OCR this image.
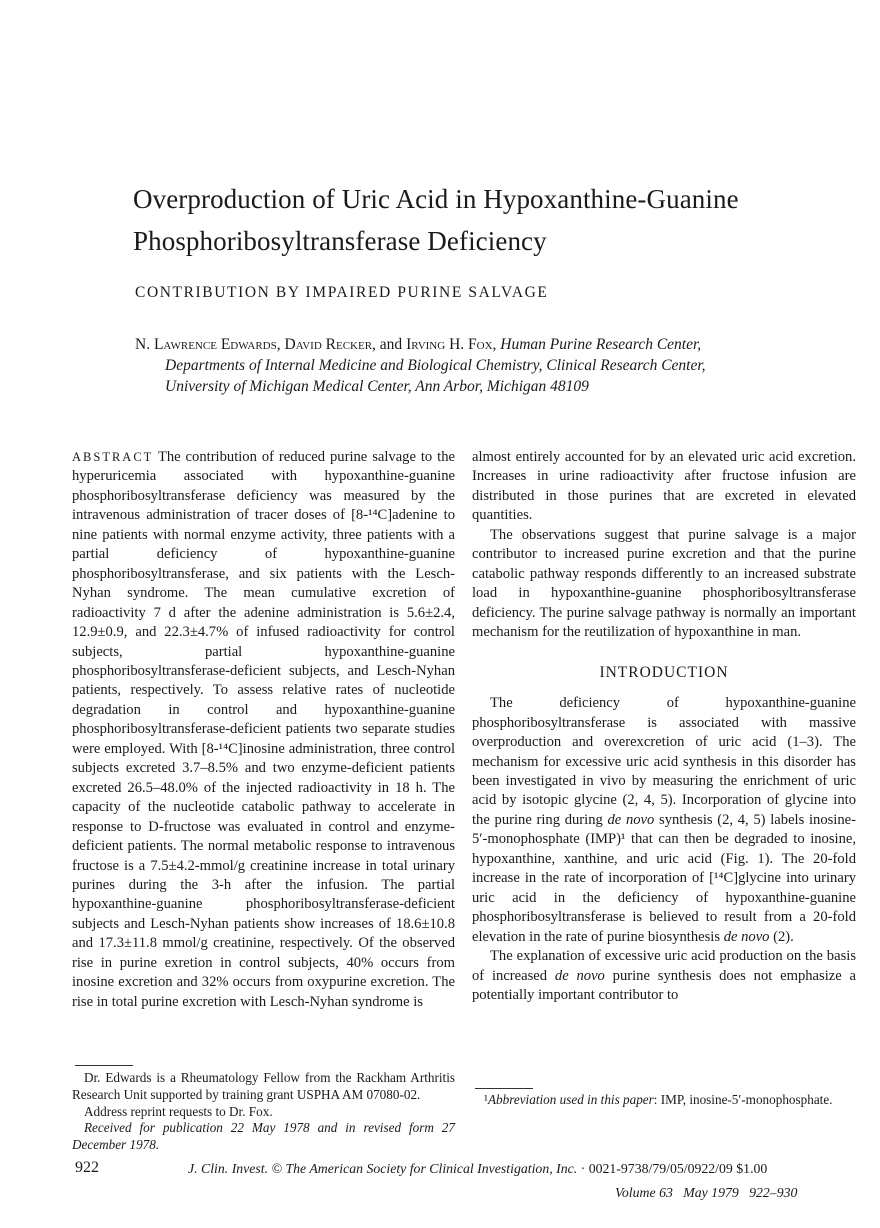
Overproduction of Uric Acid in Hypoxanthine-Guanine Phosphoribosyltransferase Deficiency
CONTRIBUTION BY IMPAIRED PURINE SALVAGE
N. Lawrence Edwards, David Recker, and Irving H. Fox, Human Purine Research Center, Departments of Internal Medicine and Biological Chemistry, Clinical Research Center, University of Michigan Medical Center, Ann Arbor, Michigan 48109

ABSTRACT The contribution of reduced purine salvage to the hyperuricemia associated with hypoxanthine-guanine phosphoribosyltransferase deficiency was measured by the intravenous administration of tracer doses of [8-¹⁴C]adenine to nine patients with normal enzyme activity, three patients with a partial deficiency of hypoxanthine-guanine phosphoribosyltransferase, and six patients with the Lesch-Nyhan syndrome. The mean cumulative excretion of radioactivity 7 d after the adenine administration is 5.6±2.4, 12.9±0.9, and 22.3±4.7% of infused radioactivity for control subjects, partial hypoxanthine-guanine phosphoribosyltransferase-deficient subjects, and Lesch-Nyhan patients, respectively. To assess relative rates of nucleotide degradation in control and hypoxanthine-guanine phosphoribosyltransferase-deficient patients two separate studies were employed. With [8-¹⁴C]inosine administration, three control subjects excreted 3.7–8.5% and two enzyme-deficient patients excreted 26.5–48.0% of the injected radioactivity in 18 h. The capacity of the nucleotide catabolic pathway to accelerate in response to D-fructose was evaluated in control and enzyme-deficient patients. The normal metabolic response to intravenous fructose is a 7.5±4.2-mmol/g creatinine increase in total urinary purines during the 3-h after the infusion. The partial hypoxanthine-guanine phosphoribosyltransferase-deficient subjects and Lesch-Nyhan patients show increases of 18.6±10.8 and 17.3±11.8 mmol/g creatinine, respectively. Of the observed rise in purine exretion in control subjects, 40% occurs from inosine excretion and 32% occurs from oxypurine excretion. The rise in total purine excretion with Lesch-Nyhan syndrome is

almost entirely accounted for by an elevated uric acid excretion. Increases in urine radioactivity after fructose infusion are distributed in those purines that are excreted in elevated quantities.

The observations suggest that purine salvage is a major contributor to increased purine excretion and that the purine catabolic pathway responds differently to an increased substrate load in hypoxanthine-guanine phosphoribosyltransferase deficiency. The purine salvage pathway is normally an important mechanism for the reutilization of hypoxanthine in man.

INTRODUCTION

The deficiency of hypoxanthine-guanine phosphoribosyltransferase is associated with massive overproduction and overexcretion of uric acid (1–3). The mechanism for excessive uric acid synthesis in this disorder has been investigated in vivo by measuring the enrichment of uric acid by isotopic glycine (2, 4, 5). Incorporation of glycine into the purine ring during de novo synthesis (2, 4, 5) labels inosine-5′-monophosphate (IMP)¹ that can then be degraded to inosine, hypoxanthine, xanthine, and uric acid (Fig. 1). The 20-fold increase in the rate of incorporation of [¹⁴C]glycine into urinary uric acid in the deficiency of hypoxanthine-guanine phosphoribosyltransferase is believed to result from a 20-fold elevation in the rate of purine biosynthesis de novo (2).

The explanation of excessive uric acid production on the basis of increased de novo purine synthesis does not emphasize a potentially important contributor to

Dr. Edwards is a Rheumatology Fellow from the Rackham Arthritis Research Unit supported by training grant USPHA AM 07080-02.

Address reprint requests to Dr. Fox.

Received for publication 22 May 1978 and in revised form 27 December 1978.

¹Abbreviation used in this paper: IMP, inosine-5′-monophosphate.

922	J. Clin. Invest. © The American Society for Clinical Investigation, Inc. · 0021-9738/79/05/0922/09 $1.00
Volume 63   May 1979   922–930
